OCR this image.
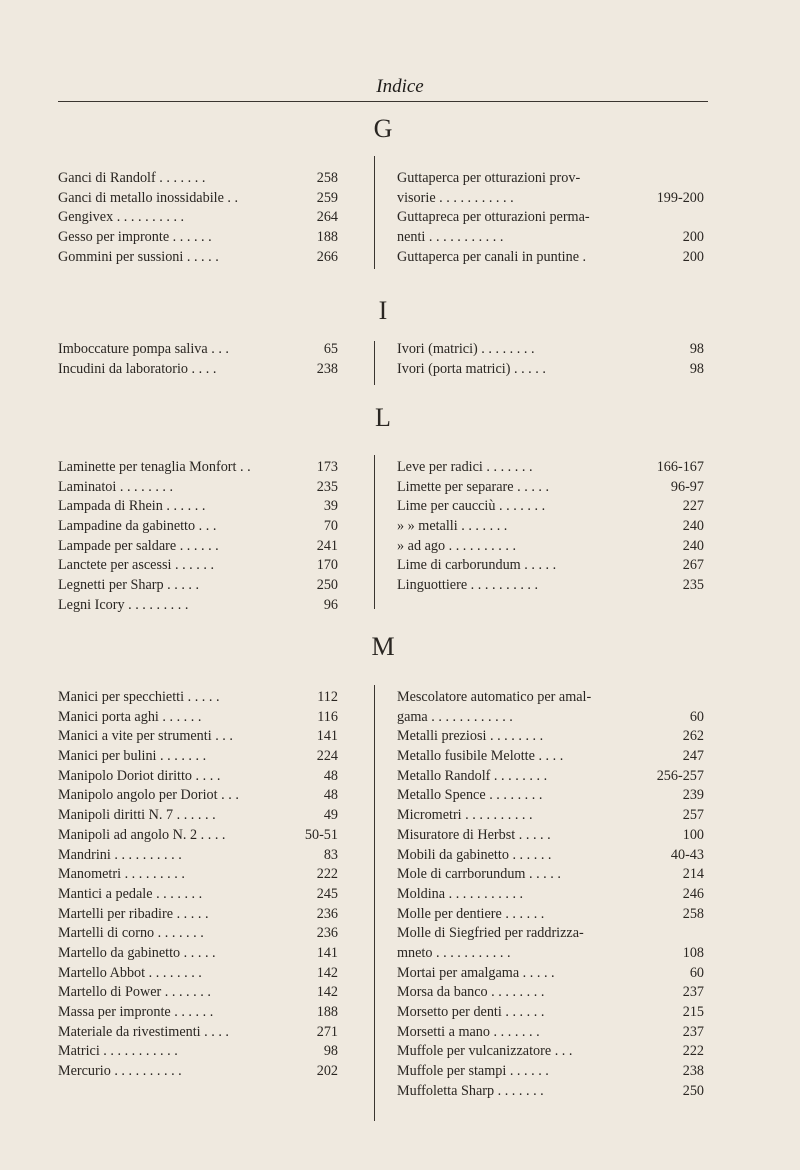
Indice
G
Ganci di Randolf . . . . . . .	258
Ganci di metallo inossidabile . .	259
Gengivex . . . . . . . . . .	264
Gesso per impronte . . . . . .	188
Gommini per sussioni . . . . .	266
Guttaperca per otturazioni prov-
visorie . . . . . . . . . . .	199-200
Guttapreca per otturazioni perma-
nenti . . . . . . . . . . .	200
Guttaperca per canali in puntine .	200
I
Imboccature pompa saliva . . .	65
Incudini da laboratorio . . . .	238
Ivori (matrici) . . . . . . . .	98
Ivori (porta matrici) . . . . .	98
L
Laminette per tenaglia Monfort . .	173
Laminatoi . . . . . . . .	235
Lampada di Rhein . . . . . .	39
Lampadine da gabinetto . . .	70
Lampade per saldare . . . . . .	241
Lanctete per ascessi . . . . . .	170
Legnetti per Sharp . . . . .	250
Legni Icory . . . . . . . . .	96
Leve per radici . . . . . . .	166-167
Limette per separare . . . . .	96-97
Lime per caucciù . . . . . . .	227
» » metalli . . . . . . .	240
» ad ago . . . . . . . . . .	240
Lime di carborundum . . . . .	267
Linguottiere . . . . . . . . . .	235
M
Manici per specchietti . . . . .	112
Manici porta aghi . . . . . .	116
Manici a vite per strumenti . . .	141
Manici per bulini . . . . . . .	224
Manipolo Doriot diritto . . . .	48
Manipolo angolo per Doriot . . .	48
Manipoli diritti N. 7 . . . . . .	49
Manipoli ad angolo N. 2 . . . .	50-51
Mandrini . . . . . . . . . .	83
Manometri . . . . . . . . .	222
Mantici a pedale . . . . . . .	245
Martelli per ribadire . . . . .	236
Martelli di corno . . . . . . .	236
Martello da gabinetto . . . . .	141
Martello Abbot . . . . . . . .	142
Martello di Power . . . . . . .	142
Massa per impronte . . . . . .	188
Materiale da rivestimenti . . . .	271
Matrici . . . . . . . . . . .	98
Mercurio . . . . . . . . . .	202
Mescolatore automatico per amal-
gama . . . . . . . . . . . .	60
Metalli preziosi . . . . . . . .	262
Metallo fusibile Melotte . . . .	247
Metallo Randolf . . . . . . . .	256-257
Metallo Spence . . . . . . . .	239
Micrometri . . . . . . . . . .	257
Misuratore di Herbst . . . . .	100
Mobili da gabinetto . . . . . .	40-43
Mole di carrborundum . . . . .	214
Moldina . . . . . . . . . . .	246
Molle per dentiere . . . . . .	258
Molle di Siegfried per raddrizza-
mneto . . . . . . . . . . .	108
Mortai per amalgama . . . . .	60
Morsa da banco . . . . . . . .	237
Morsetto per denti . . . . . .	215
Morsetti a mano . . . . . . .	237
Muffole per vulcanizzatore . . .	222
Muffole per stampi . . . . . .	238
Muffoletta Sharp . . . . . . .	250
